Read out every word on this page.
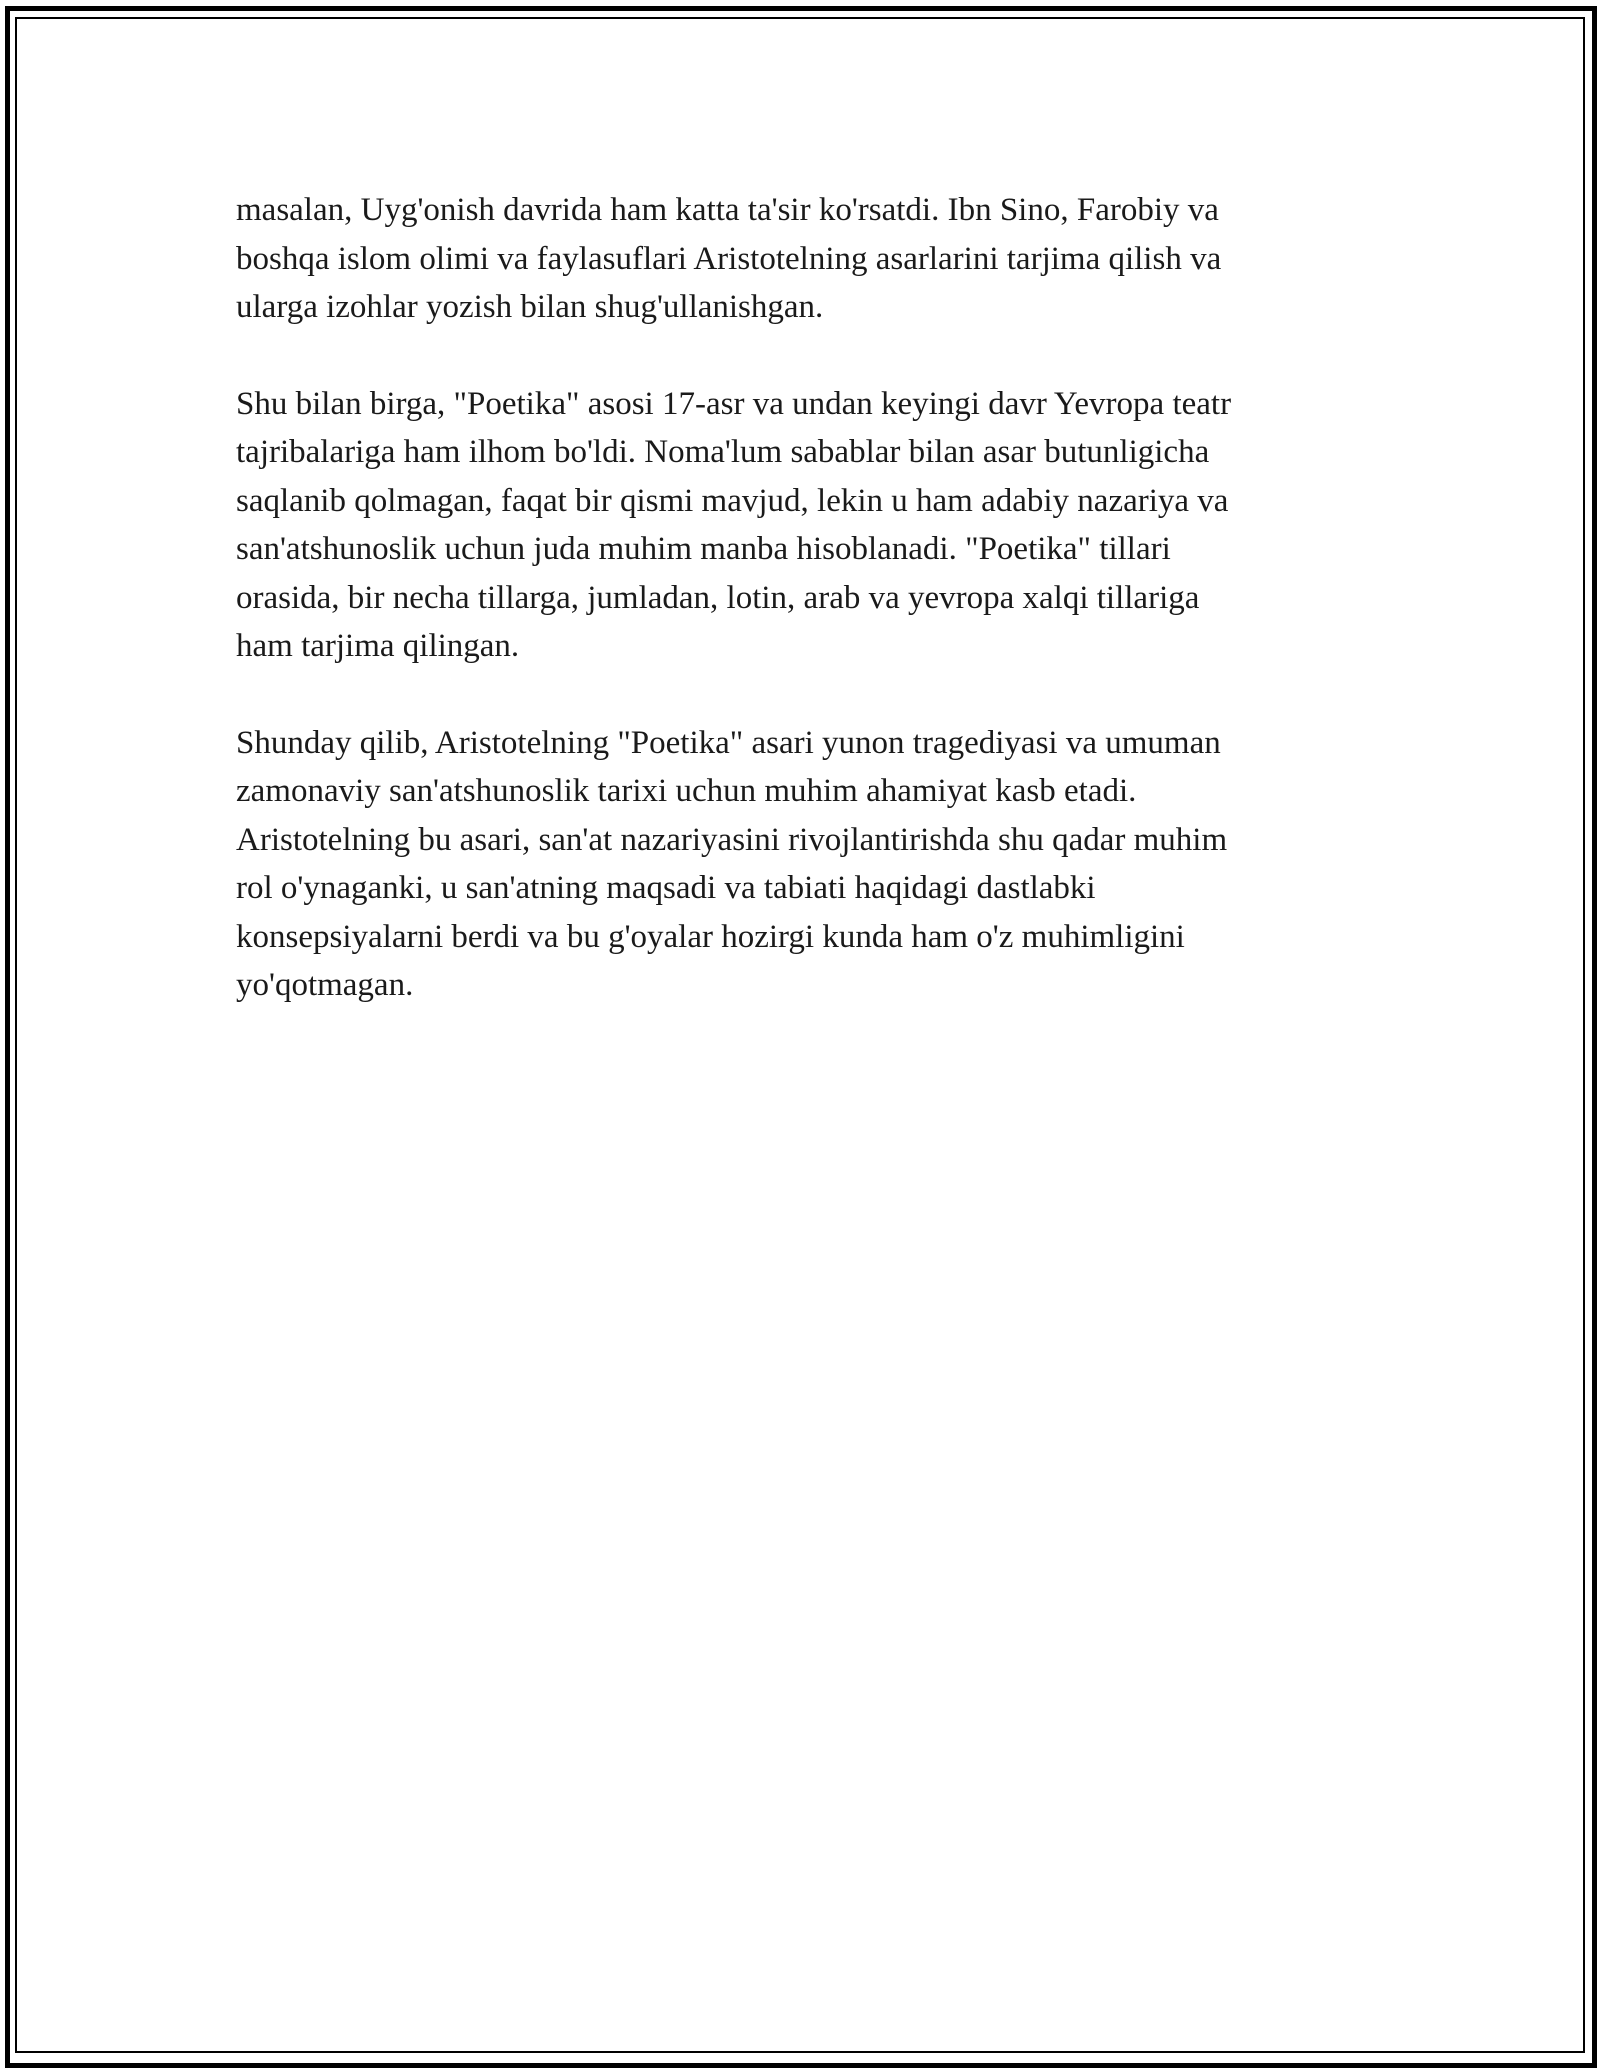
masalan, Uyg'onish davrida ham katta ta'sir ko'rsatdi. Ibn Sino, Farobiy va
boshqa islom olimi va faylasuflari Aristotelning asarlarini tarjima qilish va
ularga izohlar yozish bilan shug'ullanishgan.

Shu bilan birga, "Poetika" asosi 17-asr va undan keyingi davr Yevropa teatr
tajribalariga ham ilhom bo'ldi. Noma'lum sabablar bilan asar butunligicha
saqlanib qolmagan, faqat bir qismi mavjud, lekin u ham adabiy nazariya va
san'atshunoslik uchun juda muhim manba hisoblanadi. "Poetika" tillari
orasida, bir necha tillarga, jumladan, lotin, arab va yevropa xalqi tillariga
ham tarjima qilingan.

Shunday qilib, Aristotelning "Poetika" asari yunon tragediyasi va umuman
zamonaviy san'atshunoslik tarixi uchun muhim ahamiyat kasb etadi.
Aristotelning bu asari, san'at nazariyasini rivojlantirishda shu qadar muhim
rol o'ynaganki, u san'atning maqsadi va tabiati haqidagi dastlabki
konsepsiyalarni berdi va bu g'oyalar hozirgi kunda ham o'z muhimligini
yo'qotmagan.
